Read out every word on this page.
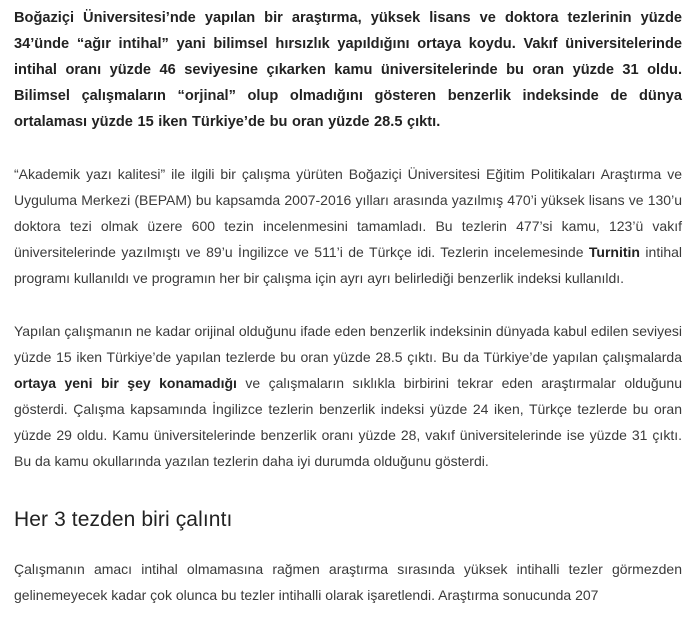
Boğaziçi Üniversitesi’nde yapılan bir araştırma, yüksek lisans ve doktora tezlerinin yüzde 34’ünde “ağır intihal” yani bilimsel hırsızlık yapıldığını ortaya koydu. Vakıf üniversitelerinde intihal oranı yüzde 46 seviyesine çıkarken kamu üniversitelerinde bu oran yüzde 31 oldu. Bilimsel çalışmaların “orjinal” olup olmadığını gösteren benzerlik indeksinde de dünya ortalaması yüzde 15 iken Türkiye’de bu oran yüzde 28.5 çıktı.

“Akademik yazı kalitesi” ile ilgili bir çalışma yürüten Boğaziçi Üniversitesi Eğitim Politikaları Araştırma ve Uyguluma Merkezi (BEPAM) bu kapsamda 2007-2016 yılları arasında yazılmış 470’i yüksek lisans ve 130’u doktora tezi olmak üzere 600 tezin incelenmesini tamamladı. Bu tezlerin 477’si kamu, 123’ü vakıf üniversitelerinde yazılmıştı ve 89’u İngilizce ve 511’i de Türkçe idi. Tezlerin incelemesinde Turnitin intihal programı kullanıldı ve programın her bir çalışma için ayrı ayrı belirlediği benzerlik indeksi kullanıldı.

Yapılan çalışmanın ne kadar orijinal olduğunu ifade eden benzerlik indeksinin dünyada kabul edilen seviyesi yüzde 15 iken Türkiye’de yapılan tezlerde bu oran yüzde 28.5 çıktı. Bu da Türkiye’de yapılan çalışmalarda ortaya yeni bir şey konamadığı ve çalışmaların sıklıkla birbirini tekrar eden araştırmalar olduğunu gösterdi. Çalışma kapsamında İngilizce tezlerin benzerlik indeksi yüzde 24 iken, Türkçe tezlerde bu oran yüzde 29 oldu. Kamu üniversitelerinde benzerlik oranı yüzde 28, vakıf üniversitelerinde ise yüzde 31 çıktı. Bu da kamu okullarında yazılan tezlerin daha iyi durumda olduğunu gösterdi.

Her 3 tezden biri çalıntı

Çalışmanın amacı intihal olmamasına rağmen araştırma sırasında yüksek intihalli tezler görmezden gelinemeyecek kadar çok olunca bu tezler intihalli olarak işaretlendi. Araştırma sonucunda 207
